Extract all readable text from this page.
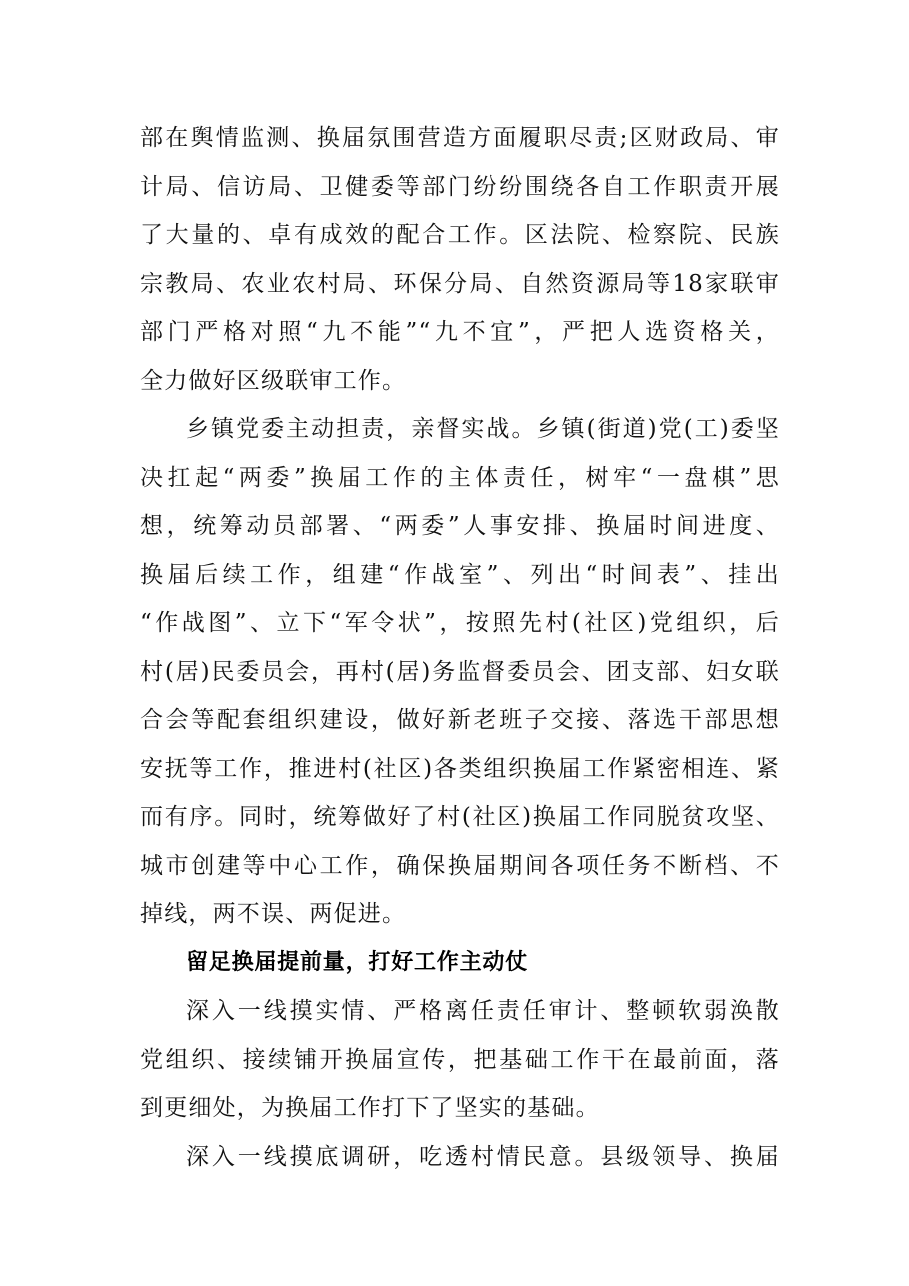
部在舆情监测、换届氛围营造方面履职尽责;区财政局、审
计局、信访局、卫健委等部门纷纷围绕各自工作职责开展
了大量的、卓有成效的配合工作。区法院、检察院、民族
宗教局、农业农村局、环保分局、自然资源局等18家联审
部门严格对照“九不能”“九不宜”，严把人选资格关，
全力做好区级联审工作。
乡镇党委主动担责，亲督实战。乡镇(街道)党(工)委坚
决扛起“两委”换届工作的主体责任，树牢“一盘棋”思
想，统筹动员部署、“两委”人事安排、换届时间进度、
换届后续工作，组建“作战室”、列出“时间表”、挂出
“作战图”、立下“军令状”，按照先村(社区)党组织，后
村(居)民委员会，再村(居)务监督委员会、团支部、妇女联
合会等配套组织建设，做好新老班子交接、落选干部思想
安抚等工作，推进村(社区)各类组织换届工作紧密相连、紧
而有序。同时，统筹做好了村(社区)换届工作同脱贫攻坚、
城市创建等中心工作，确保换届期间各项任务不断档、不
掉线，两不误、两促进。
留足换届提前量，打好工作主动仗
深入一线摸实情、严格离任责任审计、整顿软弱涣散
党组织、接续铺开换届宣传，把基础工作干在最前面，落
到更细处，为换届工作打下了坚实的基础。
深入一线摸底调研，吃透村情民意。县级领导、换届
